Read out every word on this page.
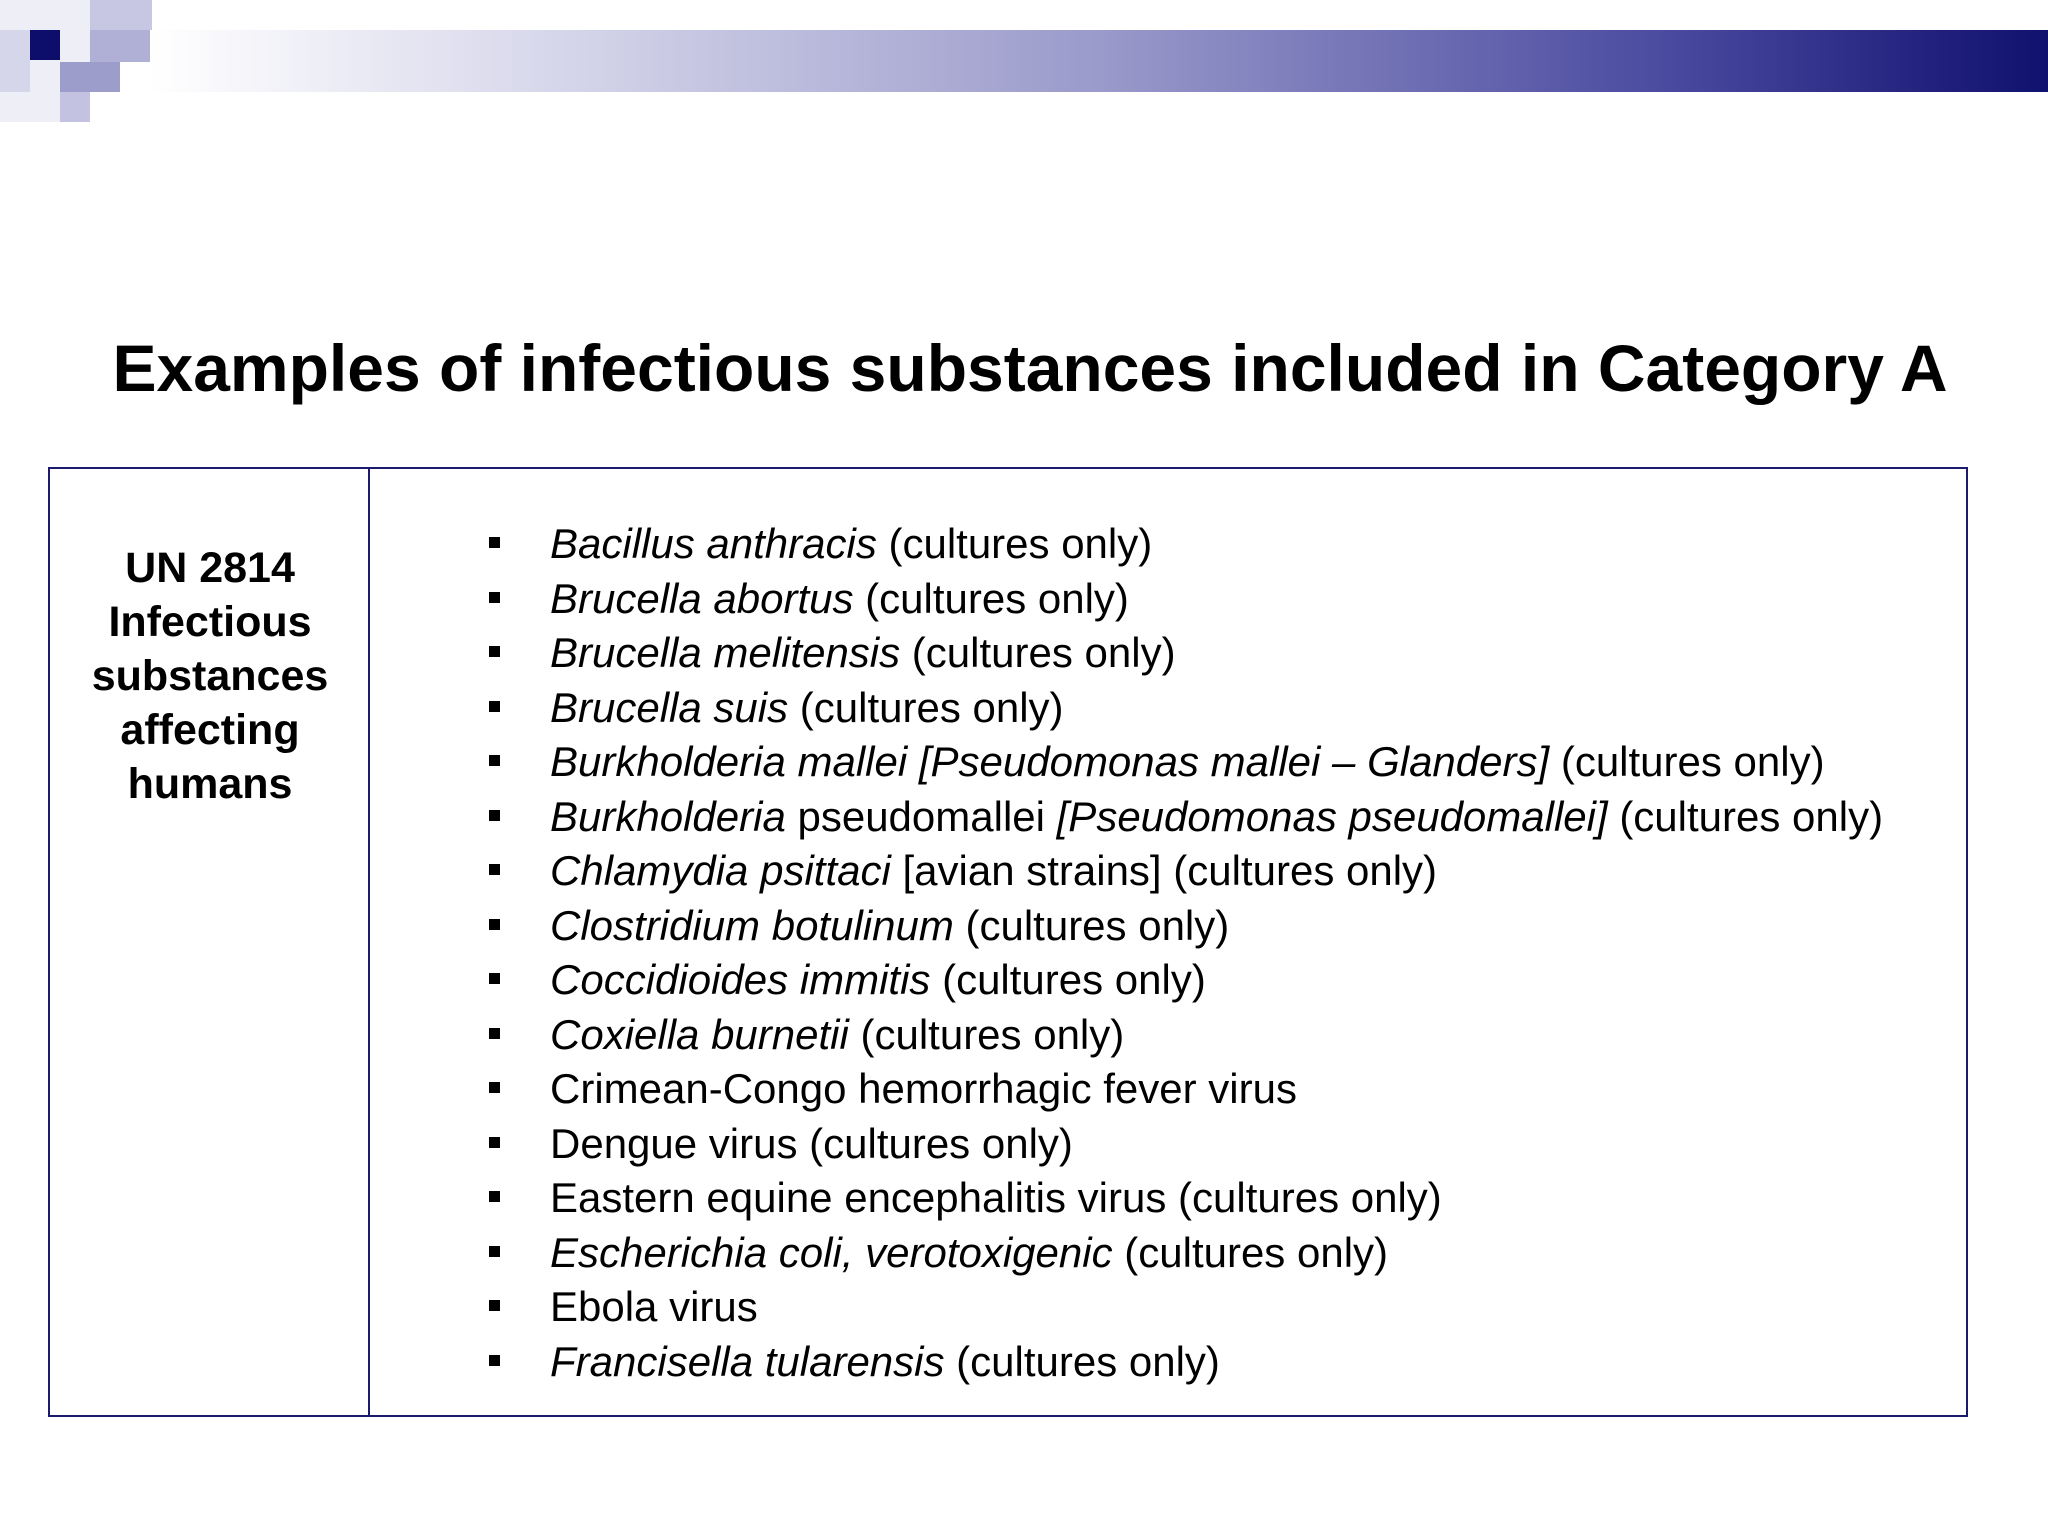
Examples of infectious substances included in Category A
UN 2814
Infectious
substances
affecting
humans
Bacillus anthracis (cultures only)
Brucella abortus (cultures only)
Brucella melitensis (cultures only)
Brucella suis (cultures only)
Burkholderia mallei [Pseudomonas mallei – Glanders] (cultures only)
Burkholderia pseudomallei [Pseudomonas pseudomallei] (cultures only)
Chlamydia psittaci [avian strains] (cultures only)
Clostridium botulinum (cultures only)
Coccidioides immitis (cultures only)
Coxiella burnetii (cultures only)
Crimean-Congo hemorrhagic fever virus
Dengue virus (cultures only)
Eastern equine encephalitis virus (cultures only)
Escherichia coli, verotoxigenic (cultures only)
Ebola virus
Francisella tularensis (cultures only)
